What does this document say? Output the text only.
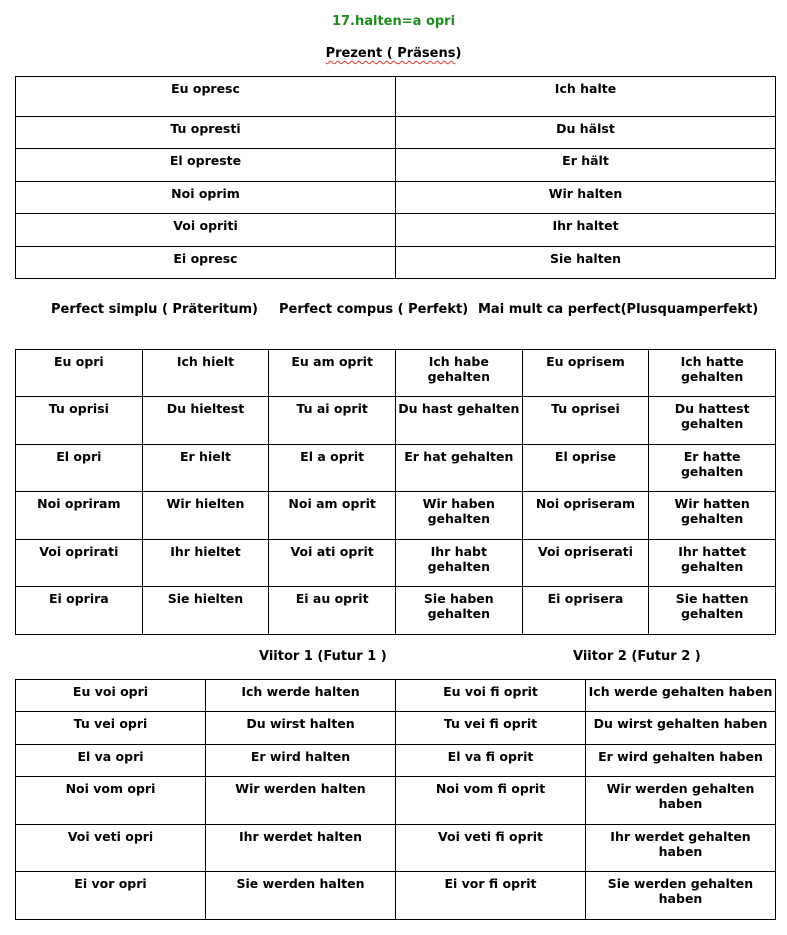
17.halten=a opri
Prezent ( Präsens)
Eu opresc	Ich halte
Tu opresti	Du hälst
El opreste	Er hält
Noi oprim	Wir halten
Voi opriti	Ihr haltet
Ei opresc	Sie halten
Perfect simplu ( Präteritum) Perfect compus ( Perfekt) Mai mult ca perfect(Plusquamperfekt)
Eu opri	Ich hielt	Eu am oprit	Ich habe gehalten	Eu oprisem	Ich hatte gehalten
Tu oprisi	Du hieltest	Tu ai oprit	Du hast gehalten	Tu oprisei	Du hattest gehalten
El opri	Er hielt	El a oprit	Er hat gehalten	El oprise	Er hatte gehalten
Noi opriram	Wir hielten	Noi am oprit	Wir haben gehalten	Noi opriseram	Wir hatten gehalten
Voi opriratі	Ihr hieltet	Voi ati oprit	Ihr habt gehalten	Voi opriserati	Ihr hattet gehalten
Ei oprira	Sie hielten	Ei au oprit	Sie haben gehalten	Ei oprisera	Sie hatten gehalten
Viitor 1 (Futur 1 )	Viitor 2 (Futur 2 )
Eu voi opri	Ich werde halten	Eu voi fi oprit	Ich werde gehalten haben
Tu vei opri	Du wirst halten	Tu vei fi oprit	Du wirst gehalten haben
El va opri	Er wird halten	El va fi oprit	Er wird gehalten haben
Noi vom opri	Wir werden halten	Noi vom fi oprit	Wir werden gehalten haben
Voi veti opri	Ihr werdet halten	Voi veti fi oprit	Ihr werdet gehalten haben
Ei vor opri	Sie werden halten	Ei vor fi oprit	Sie werden gehalten haben
